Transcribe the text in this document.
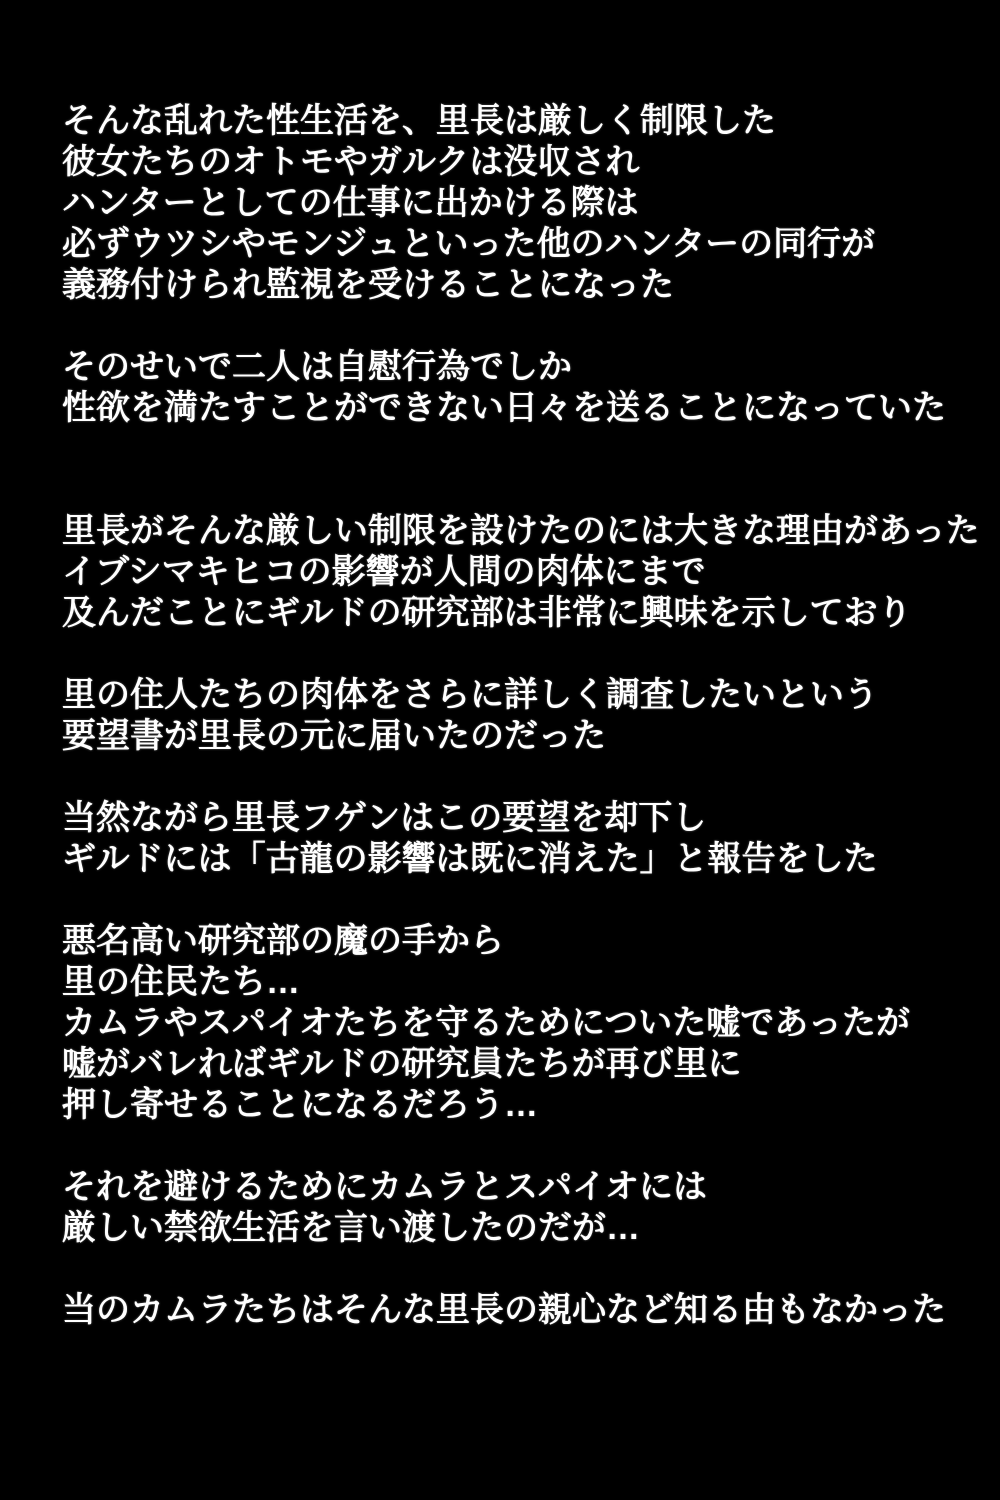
そんな乱れた性生活を、里長は厳しく制限した
彼女たちのオトモやガルクは没収され
ハンターとしての仕事に出かける際は
必ずウツシやモンジュといった他のハンターの同行が
義務付けられ監視を受けることになった
そのせいで二人は自慰行為でしか
性欲を満たすことができない日々を送ることになっていた
里長がそんな厳しい制限を設けたのには大きな理由があった
イブシマキヒコの影響が人間の肉体にまで
及んだことにギルドの研究部は非常に興味を示しており
里の住人たちの肉体をさらに詳しく調査したいという
要望書が里長の元に届いたのだった
当然ながら里長フゲンはこの要望を却下し
ギルドには「古龍の影響は既に消えた」と報告をした
悪名高い研究部の魔の手から
里の住民たち…
カムラやスパイオたちを守るためについた嘘であったが
嘘がバレればギルドの研究員たちが再び里に
押し寄せることになるだろう…
それを避けるためにカムラとスパイオには
厳しい禁欲生活を言い渡したのだが…
当のカムラたちはそんな里長の親心など知る由もなかった
